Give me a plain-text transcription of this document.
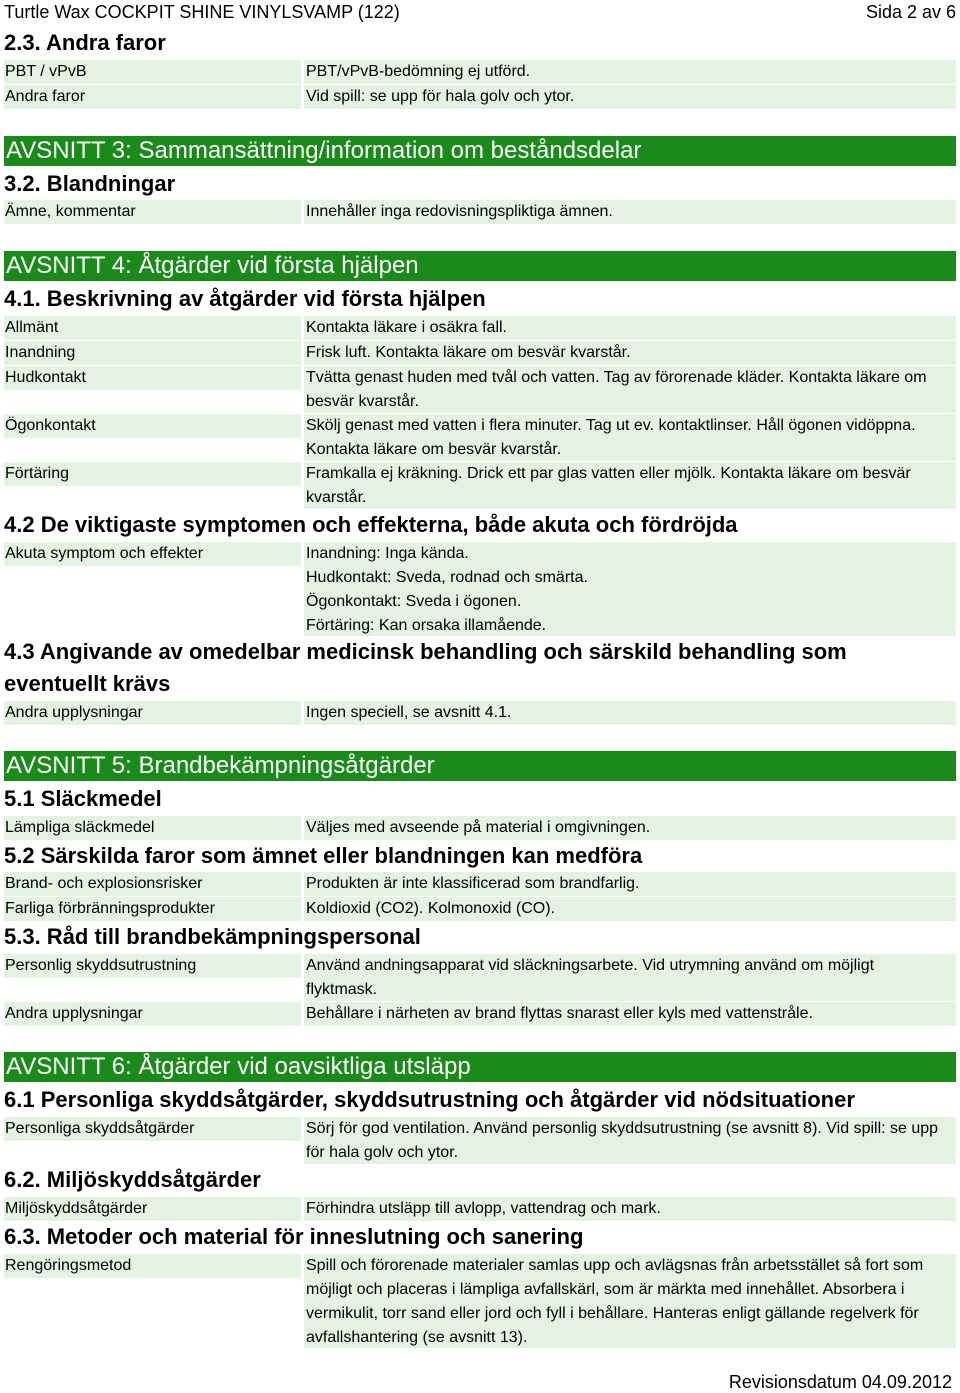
Turtle Wax COCKPIT SHINE VINYLSVAMP (122)	Sida 2 av 6
2.3. Andra faror
PBT / vPvB	PBT/vPvB-bedömning ej utförd.
Andra faror	Vid spill: se upp för hala golv och ytor.
AVSNITT 3: Sammansättning/information om beståndsdelar
3.2. Blandningar
Ämne, kommentar	Innehåller inga redovisningspliktiga ämnen.
AVSNITT 4: Åtgärder vid första hjälpen
4.1. Beskrivning av åtgärder vid första hjälpen
Allmänt	Kontakta läkare i osäkra fall.
Inandning	Frisk luft. Kontakta läkare om besvär kvarstår.
Hudkontakt	Tvätta genast huden med tvål och vatten. Tag av förorenade kläder. Kontakta läkare om besvär kvarstår.
Ögonkontakt	Skölj genast med vatten i flera minuter. Tag ut ev. kontaktlinser. Håll ögonen vidöppna. Kontakta läkare om besvär kvarstår.
Förtäring	Framkalla ej kräkning. Drick ett par glas vatten eller mjölk. Kontakta läkare om besvär kvarstår.
4.2 De viktigaste symptomen och effekterna, både akuta och fördröjda
Akuta symptom och effekter	Inandning: Inga kända.
Hudkontakt: Sveda, rodnad och smärta.
Ögonkontakt: Sveda i ögonen.
Förtäring: Kan orsaka illamående.
4.3 Angivande av omedelbar medicinsk behandling och särskild behandling som
eventuellt krävs
Andra upplysningar	Ingen speciell, se avsnitt 4.1.
AVSNITT 5: Brandbekämpningsåtgärder
5.1 Släckmedel
Lämpliga släckmedel	Väljes med avseende på material i omgivningen.
5.2 Särskilda faror som ämnet eller blandningen kan medföra
Brand- och explosionsrisker	Produkten är inte klassificerad som brandfarlig.
Farliga förbränningsprodukter	Koldioxid (CO2). Kolmonoxid (CO).
5.3. Råd till brandbekämpningspersonal
Personlig skyddsutrustning	Använd andningsapparat vid släckningsarbete. Vid utrymning använd om möjligt flyktmask.
Andra upplysningar	Behållare i närheten av brand flyttas snarast eller kyls med vattenstråle.
AVSNITT 6: Åtgärder vid oavsiktliga utsläpp
6.1 Personliga skyddsåtgärder, skyddsutrustning och åtgärder vid nödsituationer
Personliga skyddsåtgärder	Sörj för god ventilation. Använd personlig skyddsutrustning (se avsnitt 8). Vid spill: se upp för hala golv och ytor.
6.2. Miljöskyddsåtgärder
Miljöskyddsåtgärder	Förhindra utsläpp till avlopp, vattendrag och mark.
6.3. Metoder och material för inneslutning och sanering
Rengöringsmetod	Spill och förorenade materialer samlas upp och avlägsnas från arbetsstället så fort som möjligt och placeras i lämpliga avfallskärl, som är märkta med innehållet. Absorbera i vermikulit, torr sand eller jord och fyll i behållare. Hanteras enligt gällande regelverk för avfallshantering (se avsnitt 13).
Revisionsdatum 04.09.2012
